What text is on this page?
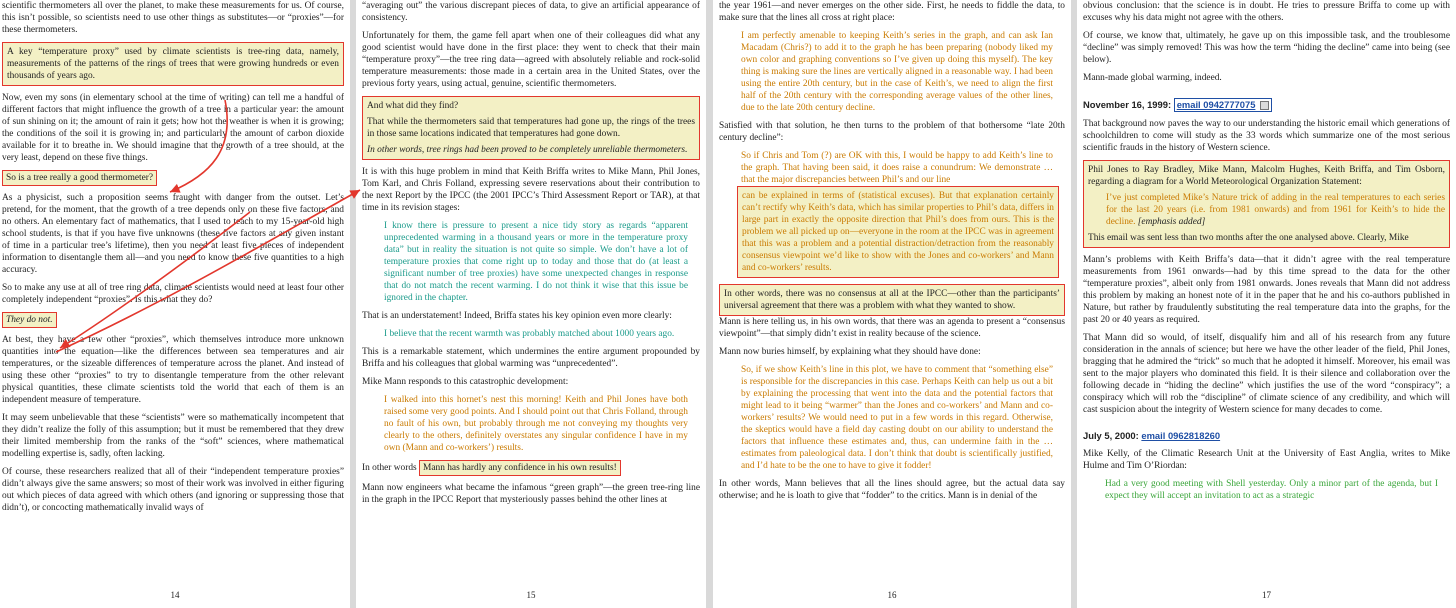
scientific thermometers all over the planet, to make these measurements for us. Of course, this isn’t possible, so scientists need to use other things as substitutes—or “proxies”—for these thermometers.

A key “temperature proxy” used by climate scientists is tree-ring data, namely, measurements of the patterns of the rings of trees that were growing hundreds or even thousands of years ago.

Now, even my sons (in elementary school at the time of writing) can tell me a handful of different factors that might influence the growth of a tree in a particular year: the amount of sun shining on it; the amount of rain it gets; how hot the weather is when it is growing; the conditions of the soil it is growing in; and particularly the amount of carbon dioxide available for it to breathe in. We should imagine that the growth of a tree should, at the very least, depend on these five things.

So is a tree really a good thermometer?

As a physicist, such a proposition seems fraught with danger from the outset. Let’s pretend, for the moment, that the growth of a tree depends only on these five factors, and no others. An elementary fact of mathematics, that I used to teach to my 15-year-old high school students, is that if you have five unknowns (these five factors at any given instant of time in a particular tree’s lifetime), then you need at least five pieces of independent information to disentangle them all—and you need to know these five quantities to a high accuracy.

So to make any use at all of tree ring data, climate scientists would need at least four other completely independent “proxies”. Is this what they do?

They do not.

At best, they have a few other “proxies”, which themselves introduce more unknown quantities into the equation—like the differences between sea temperatures and air temperatures, or the sizeable differences of temperature across the planet. And instead of using these other “proxies” to try to disentangle temperature from the other relevant physical quantities, these climate scientists told the world that each of them is an independent measure of temperature.

It may seem unbelievable that these “scientists” were so mathematically incompetent that they didn’t realize the folly of this assumption; but it must be remembered that they drew their limited membership from the ranks of the “soft” sciences, where mathematical modelling expertise is, sadly, often lacking.

Of course, these researchers realized that all of their “independent temperature proxies” didn’t always give the same answers; so most of their work was involved in either figuring out which pieces of data agreed with which others (and ignoring or suppressing those that didn’t), or concocting mathematically invalid ways of

14

“averaging out” the various discrepant pieces of data, to give an artificial appearance of consistency.

Unfortunately for them, the game fell apart when one of their colleagues did what any good scientist would have done in the first place: they went to check that their main “temperature proxy”—the tree ring data—agreed with absolutely reliable and rock-solid temperature measurements: those made in a certain area in the United States, over the previous forty years, using actual, genuine, scientific thermometers.

And what did they find?

That while the thermometers said that temperatures had gone up, the rings of the trees in those same locations indicated that temperatures had gone down.

In other words, tree rings had been proved to be completely unreliable thermometers.

It is with this huge problem in mind that Keith Briffa writes to Mike Mann, Phil Jones, Tom Karl, and Chris Folland, expressing severe reservations about their contribution to the next Report by the IPCC (the 2001 IPCC’s Third Assessment Report or TAR), at that time in its revision stages:

I know there is pressure to present a nice tidy story as regards “apparent unprecedented warming in a thousand years or more in the temperature proxy data” but in reality the situation is not quite so simple. We don’t have a lot of temperature proxies that come right up to today and those that do (at least a significant number of tree proxies) have some unexpected changes in response that do not match the recent warming. I do not think it wise that this issue be ignored in the chapter.

That is an understatement! Indeed, Briffa states his key opinion even more clearly:

I believe that the recent warmth was probably matched about 1000 years ago.

This is a remarkable statement, which undermines the entire argument propounded by Briffa and his colleagues that global warming was “unprecedented”.

Mike Mann responds to this catastrophic development:

I walked into this hornet’s nest this morning! Keith and Phil Jones have both raised some very good points. And I should point out that Chris Folland, through no fault of his own, but probably through me not conveying my thoughts very clearly to the others, definitely overstates any singular confidence I have in my own (Mann and co-workers’) results.

In other words Mann has hardly any confidence in his own results!

Mann now engineers what became the infamous “green graph”—the green tree-ring line in the graph in the IPCC Report that mysteriously passes behind the other lines at

15

the year 1961—and never emerges on the other side. First, he needs to fiddle the data, to make sure that the lines all cross at right place:

I am perfectly amenable to keeping Keith’s series in the graph, and can ask Ian Macadam (Chris?) to add it to the graph he has been preparing (nobody liked my own color and graphing conventions so I’ve given up doing this myself). The key thing is making sure the lines are vertically aligned in a reasonable way. I had been using the entire 20th century, but in the case of Keith’s, we need to align the first half of the 20th century with the corresponding average values of the other lines, due to the late 20th century decline.

Satisfied with that solution, he then turns to the problem of that bothersome “late 20th century decline”:

So if Chris and Tom (?) are OK with this, I would be happy to add Keith’s line to the graph. That having been said, it does raise a conundrum: We demonstrate … that the major discrepancies between Phil’s and our line
can be explained in terms of (statistical excuses). But that explanation certainly can’t rectify why Keith’s data, which has similar properties to Phil’s data, differs in large part in exactly the opposite direction that Phil’s does from ours. This is the problem we all picked up on—everyone in the room at the IPCC was in agreement that this was a problem and a potential distraction/detraction from the reasonably consensus viewpoint we’d like to show with the Jones and co-workers’ and Mann and co-workers’ results.
In other words, there was no consensus at all at the IPCC—other than the participants’ universal agreement that there was a problem with what they wanted to show.

Mann is here telling us, in his own words, that there was an agenda to present a “consensus viewpoint”—that simply didn’t exist in reality because of the science.

Mann now buries himself, by explaining what they should have done:

So, if we show Keith’s line in this plot, we have to comment that “something else” is responsible for the discrepancies in this case. Perhaps Keith can help us out a bit by explaining the processing that went into the data and the potential factors that might lead to it being “warmer” than the Jones and co-workers’ and Mann and co-workers’ results? We would need to put in a few words in this regard. Otherwise, the skeptics would have a field day casting doubt on our ability to understand the factors that influence these estimates and, thus, can undermine faith in the …estimates from paleological data. I don’t think that doubt is scientifically justified, and I’d hate to be the one to have to give it fodder!

In other words, Mann believes that all the lines should agree, but the actual data say otherwise; and he is loath to give that “fodder” to the critics. Mann is in denial of the

16

obvious conclusion: that the science is in doubt. He tries to pressure Briffa to come up with excuses why his data might not agree with the others.

Of course, we know that, ultimately, he gave up on this impossible task, and the troublesome “decline” was simply removed! This was how the term “hiding the decline” came into being (see below).

Mann-made global warming, indeed.

November 16, 1999: email 0942777075

That background now paves the way to our understanding the historic email which generations of schoolchildren to come will study as the 33 words which summarize one of the most serious scientific frauds in the history of Western science.

Phil Jones to Ray Bradley, Mike Mann, Malcolm Hughes, Keith Briffa, and Tim Osborn, regarding a diagram for a World Meteorological Organization Statement:
I’ve just completed Mike’s Nature trick of adding in the real temperatures to each series for the last 20 years (i.e. from 1981 onwards) and from 1961 for Keith’s to hide the decline. [emphasis added]
This email was sent less than two months after the one analysed above. Clearly, Mike

Mann’s problems with Keith Briffa’s data—that it didn’t agree with the real temperature measurements from 1961 onwards—had by this time spread to the data for the other “temperature proxies”, albeit only from 1981 onwards. Jones reveals that Mann did not address this problem by making an honest note of it in the paper that he and his co-authors published in Nature, but rather by fraudulently substituting the real temperature data into the graphs, for the past 20 or 40 years as required.

That Mann did so would, of itself, disqualify him and all of his research from any future consideration in the annals of science; but here we have the other leader of the field, Phil Jones, bragging that he admired the “trick” so much that he adopted it himself. Moreover, his email was sent to the major players who dominated this field. It is their silence and collaboration over the following decade in “hiding the decline” which justifies the use of the word “conspiracy”; a conspiracy which will rob the “discipline” of climate science of any credibility, and which will cast suspicion about the integrity of Western science for many decades to come.

July 5, 2000: email 0962818260

Mike Kelly, of the Climatic Research Unit at the University of East Anglia, writes to Mike Hulme and Tim O’Riordan:

Had a very good meeting with Shell yesterday. Only a minor part of the agenda, but I expect they will accept an invitation to act as a strategic
17
